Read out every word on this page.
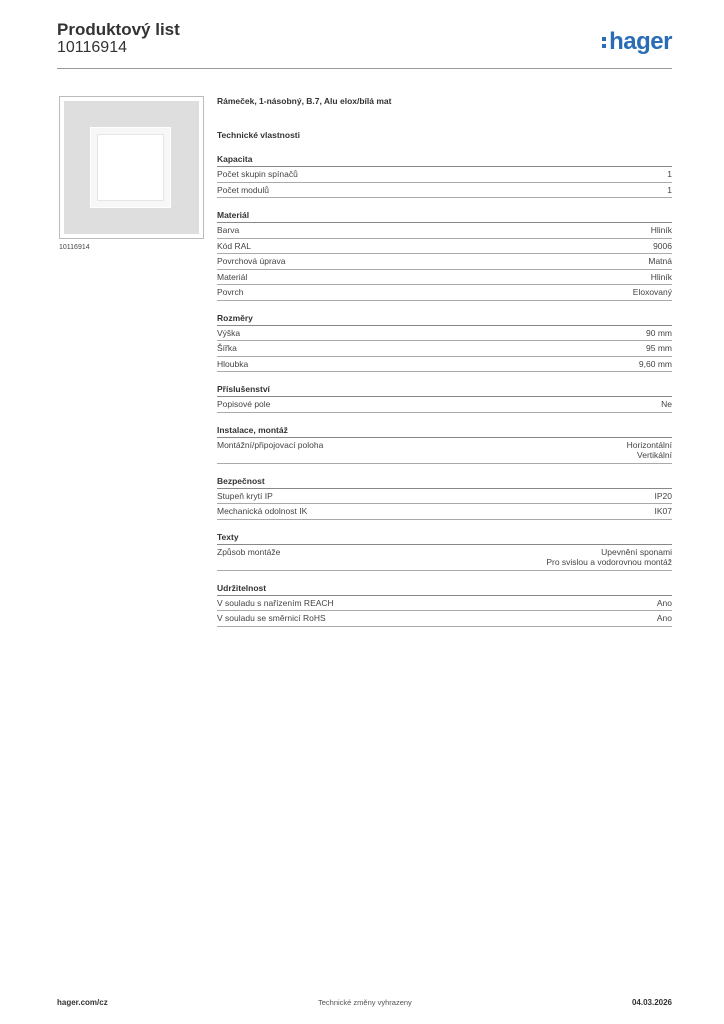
Produktový list
10116914	hager
10116914
Rámeček, 1-násobný, B.7, Alu elox/bílá mat
Technické vlastnosti
Kapacita
Počet skupin spínačů	1
Počet modulů	1
Materiál
Barva	Hliník
Kód RAL	9006
Povrchová úprava	Matná
Materiál	Hliník
Povrch	Eloxovaný
Rozměry
Výška	90 mm
Šířka	95 mm
Hloubka	9,60 mm
Příslušenství
Popisové pole	Ne
Instalace, montáž
Montážní/připojovací poloha	Horizontální
Vertikální
Bezpečnost
Stupeň krytí IP	IP20
Mechanická odolnost IK	IK07
Texty
Způsob montáže	Upevnění sponami
Pro svislou a vodorovnou montáž
Udržitelnost
V souladu s nařízením REACH	Ano
V souladu se směrnicí RoHS	Ano
hager.com/cz	Technické změny vyhrazeny	04.03.2026
